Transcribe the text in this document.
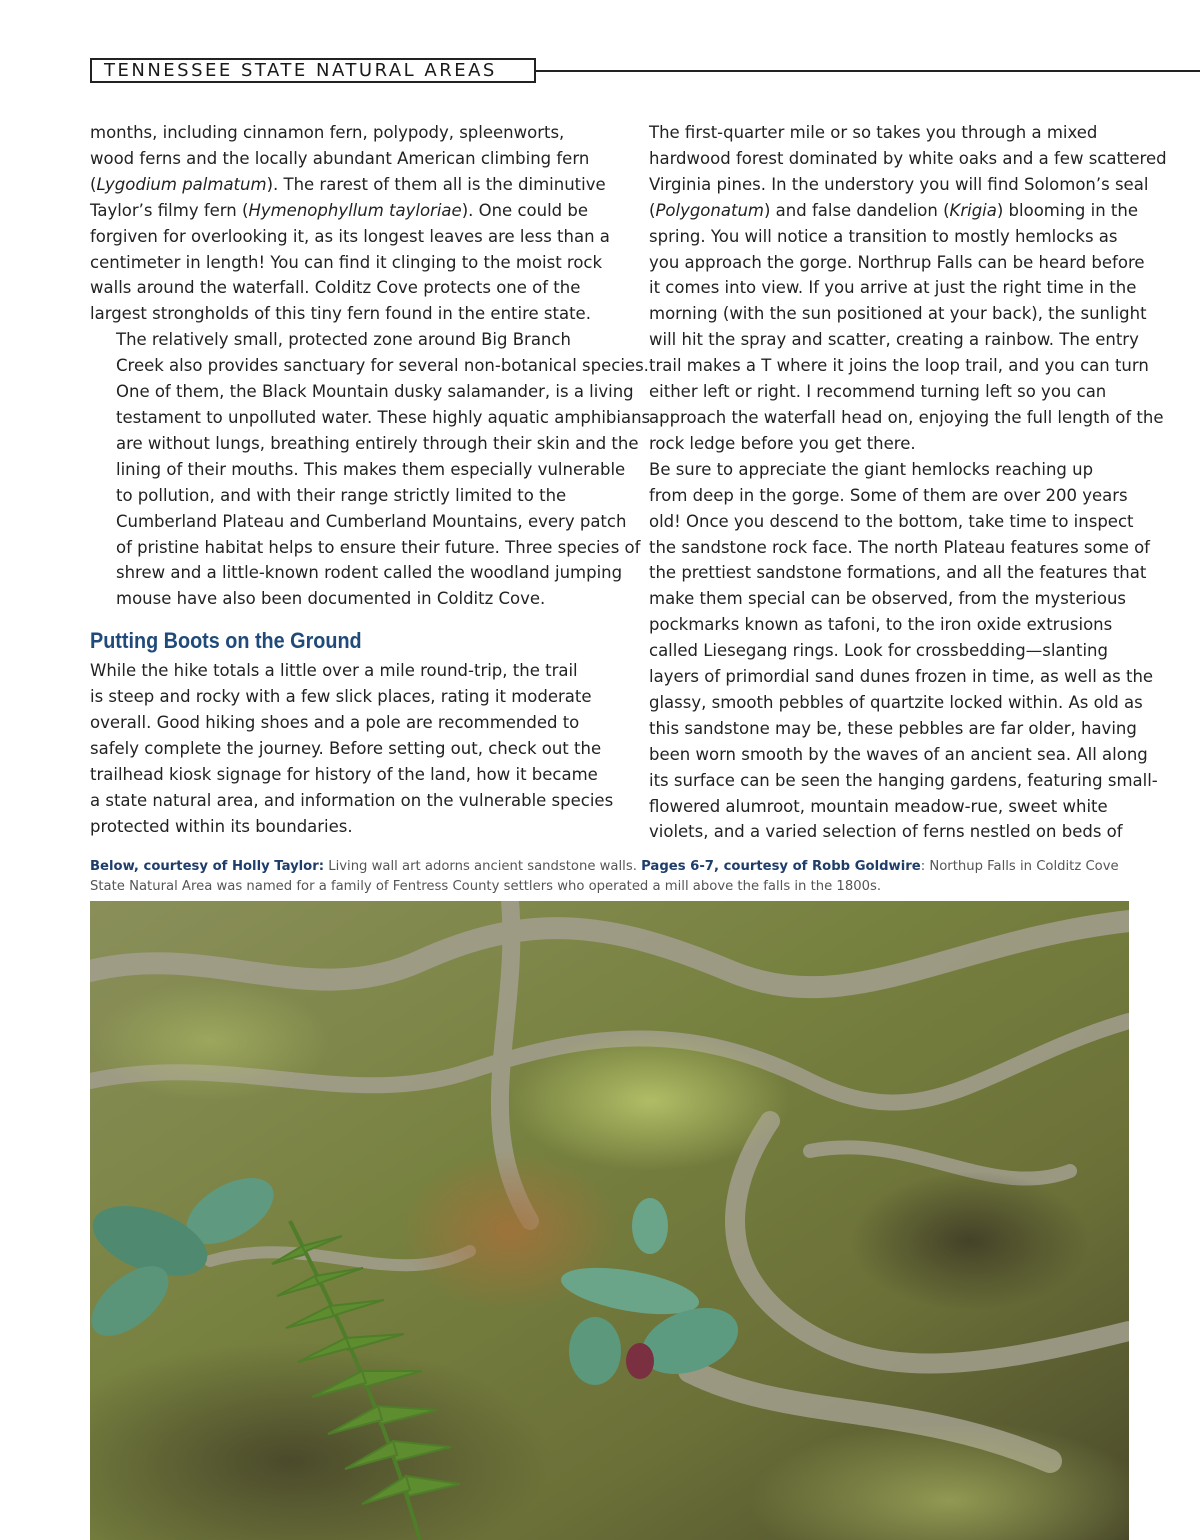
TENNESSEE STATE NATURAL AREAS

months, including cinnamon fern, polypody, spleenworts,
wood ferns and the locally abundant American climbing fern
(Lygodium palmatum). The rarest of them all is the diminutive
Taylor’s filmy fern (Hymenophyllum tayloriae). One could be
forgiven for overlooking it, as its longest leaves are less than a
centimeter in length! You can find it clinging to the moist rock
walls around the waterfall. Colditz Cove protects one of the
largest strongholds of this tiny fern found in the entire state.

The relatively small, protected zone around Big Branch
Creek also provides sanctuary for several non-botanical species.
One of them, the Black Mountain dusky salamander, is a living
testament to unpolluted water. These highly aquatic amphibians
are without lungs, breathing entirely through their skin and the
lining of their mouths. This makes them especially vulnerable
to pollution, and with their range strictly limited to the
Cumberland Plateau and Cumberland Mountains, every patch
of pristine habitat helps to ensure their future. Three species of
shrew and a little-known rodent called the woodland jumping
mouse have also been documented in Colditz Cove.

Putting Boots on the Ground

While the hike totals a little over a mile round-trip, the trail
is steep and rocky with a few slick places, rating it moderate
overall. Good hiking shoes and a pole are recommended to
safely complete the journey. Before setting out, check out the
trailhead kiosk signage for history of the land, how it became
a state natural area, and information on the vulnerable species
protected within its boundaries.

The first-quarter mile or so takes you through a mixed
hardwood forest dominated by white oaks and a few scattered
Virginia pines. In the understory you will find Solomon’s seal
(Polygonatum) and false dandelion (Krigia) blooming in the
spring. You will notice a transition to mostly hemlocks as
you approach the gorge. Northrup Falls can be heard before
it comes into view. If you arrive at just the right time in the
morning (with the sun positioned at your back), the sunlight
will hit the spray and scatter, creating a rainbow. The entry
trail makes a T where it joins the loop trail, and you can turn
either left or right. I recommend turning left so you can
approach the waterfall head on, enjoying the full length of the
rock ledge before you get there.

Be sure to appreciate the giant hemlocks reaching up
from deep in the gorge. Some of them are over 200 years
old! Once you descend to the bottom, take time to inspect
the sandstone rock face. The north Plateau features some of
the prettiest sandstone formations, and all the features that
make them special can be observed, from the mysterious
pockmarks known as tafoni, to the iron oxide extrusions
called Liesegang rings. Look for crossbedding—slanting
layers of primordial sand dunes frozen in time, as well as the
glassy, smooth pebbles of quartzite locked within. As old as
this sandstone may be, these pebbles are far older, having
been worn smooth by the waves of an ancient sea. All along
its surface can be seen the hanging gardens, featuring small-
flowered alumroot, mountain meadow-rue, sweet white
violets, and a varied selection of ferns nestled on beds of

Below, courtesy of Holly Taylor: Living wall art adorns ancient sandstone walls. Pages 6-7, courtesy of Robb Goldwire: Northup Falls in Colditz Cove State Natural Area was named for a family of Fentress County settlers who operated a mill above the falls in the 1800s.
